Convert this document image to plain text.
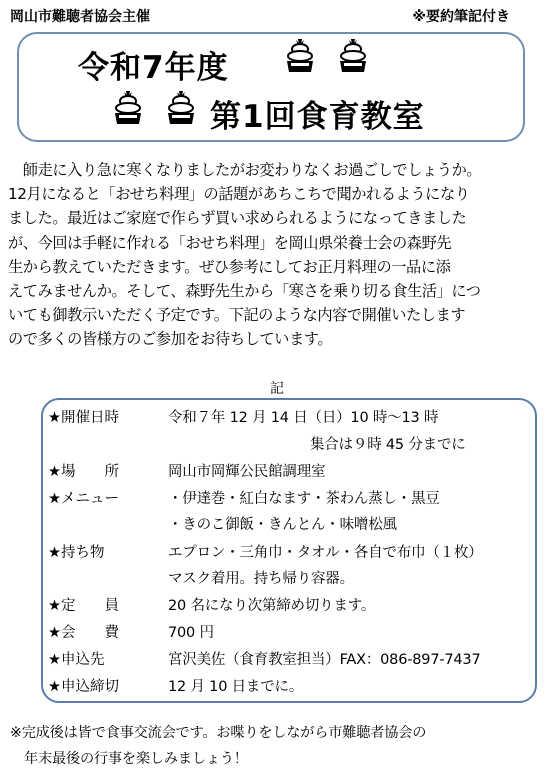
岡山市難聴者協会主催	※要約筆記付き
令和7年度
第1回食育教室
　師走に入り急に寒くなりましたがお変わりなくお過ごしでしょうか。
12月になると「おせち料理」の話題があちこちで聞かれるようになり
ました。最近はご家庭で作らず買い求められるようになってきました
が、今回は手軽に作れる「おせち料理」を岡山県栄養士会の森野先
生から教えていただきます。ぜひ参考にしてお正月料理の一品に添
えてみませんか。そして、森野先生から「寒さを乗り切る食生活」につ
いても御教示いただく予定です。下記のような内容で開催いたします
ので多くの皆様方のご参加をお待ちしています。
記
★開催日時	令和７年 12 月 14 日（日）10 時～13 時
集合は９時 45 分までに
★場　　所	岡山市岡輝公民館調理室
★メニュー	・伊達巻・紅白なます・茶わん蒸し・黒豆
・きのこ御飯・きんとん・味噌松風
★持ち物	エプロン・三角巾・タオル・各自で布巾（１枚）
マスク着用。持ち帰り容器。
★定　　員	20 名になり次第締め切ります。
★会　　費	700 円
★申込先	宮沢美佐（食育教室担当）FAX：086-897-7437
★申込締切	12 月 10 日までに。
※完成後は皆で食事交流会です。お喋りをしながら市難聴者協会の
　年末最後の行事を楽しみましょう！
